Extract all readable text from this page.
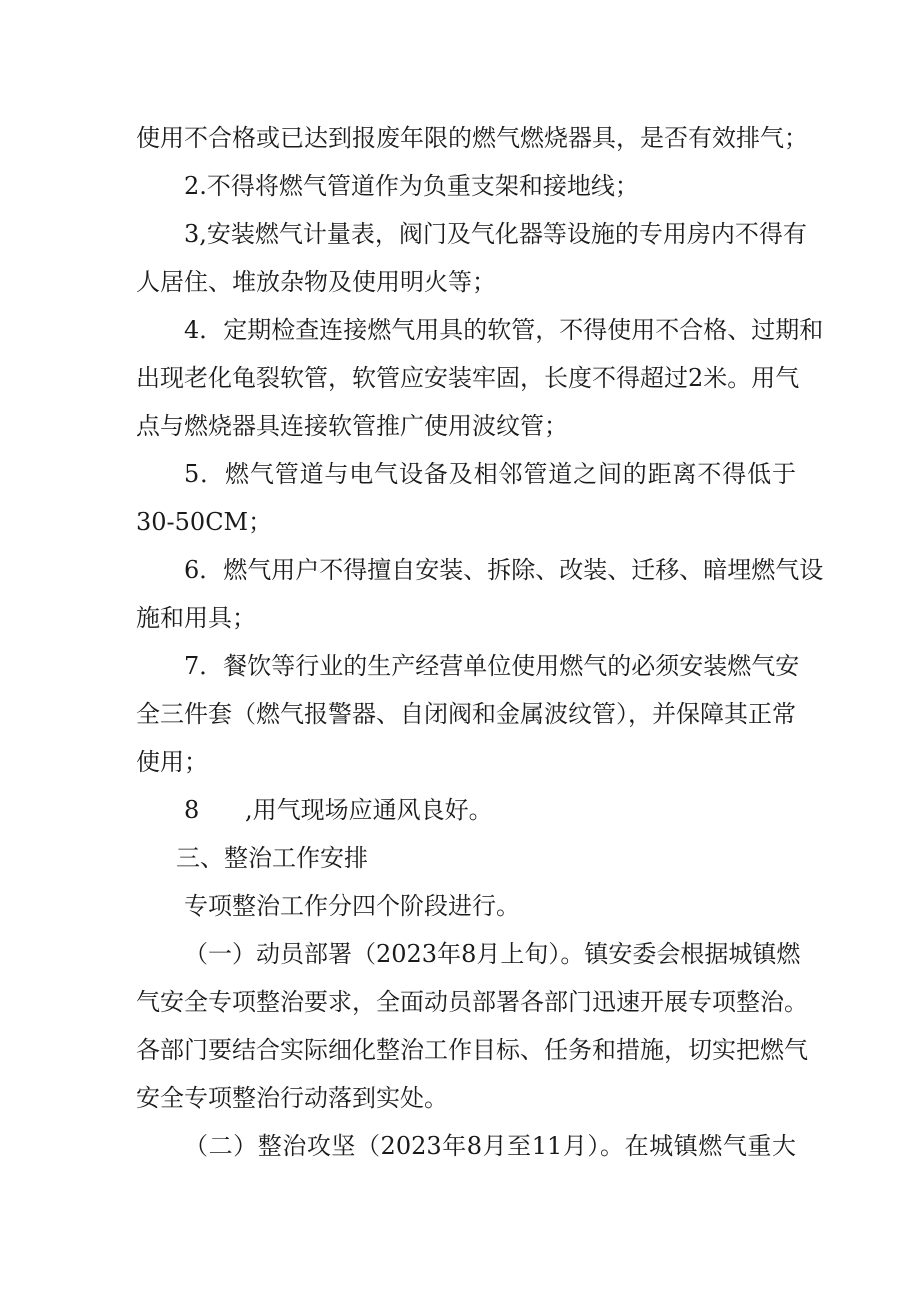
使用不合格或已达到报废年限的燃气燃烧器具，是否有效排气；
2.不得将燃气管道作为负重支架和接地线；
3,安装燃气计量表，阀门及气化器等设施的专用房内不得有
人居住、堆放杂物及使用明火等；
4．定期检查连接燃气用具的软管，不得使用不合格、过期和
出现老化龟裂软管，软管应安装牢固，长度不得超过2米。用气
点与燃烧器具连接软管推广使用波纹管；
5．燃气管道与电气设备及相邻管道之间的距离不得低于
30-50CM；
6．燃气用户不得擅自安装、拆除、改装、迁移、暗埋燃气设
施和用具；
7．餐饮等行业的生产经营单位使用燃气的必须安装燃气安
全三件套（燃气报警器、自闭阀和金属波纹管），并保障其正常
使用；
8      ,用气现场应通风良好。
三、整治工作安排
专项整治工作分四个阶段进行。
（一）动员部署（2023年8月上旬）。镇安委会根据城镇燃
气安全专项整治要求，全面动员部署各部门迅速开展专项整治。
各部门要结合实际细化整治工作目标、任务和措施，切实把燃气
安全专项整治行动落到实处。
（二）整治攻坚（2023年8月至11月）。在城镇燃气重大
